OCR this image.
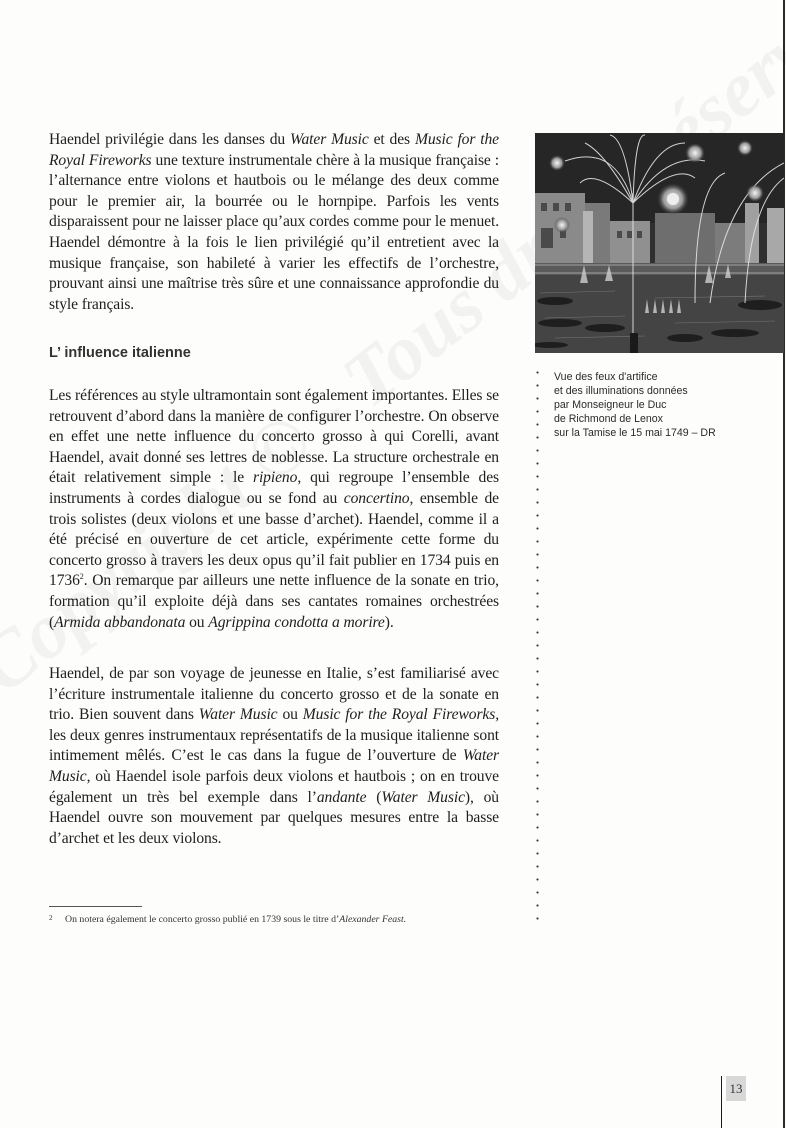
Haendel privilégie dans les danses du Water Music et des Music for the Royal Fireworks une texture instrumentale chère à la musique française : l’alternance entre violons et hautbois ou le mélange des deux comme pour le premier air, la bourrée ou le hornpipe. Parfois les vents disparaissent pour ne laisser place qu’aux cordes comme pour le menuet. Haendel démontre à la fois le lien privilégié qu’il entretient avec la musique française, son habileté à varier les effectifs de l’orchestre, prouvant ainsi une maîtrise très sûre et une connaissance approfondie du style français.

L’ influence italienne

Les références au style ultramontain sont également importantes. Elles se retrouvent d’abord dans la manière de configurer l’orchestre. On observe en effet une nette influence du concerto grosso à qui Corelli, avant Haendel, avait donné ses lettres de noblesse. La structure orchestrale en était relativement simple : le ripieno, qui regroupe l’ensemble des instruments à cordes dialogue ou se fond au concertino, ensemble de trois solistes (deux violons et une basse d’archet). Haendel, comme il a été précisé en ouverture de cet article, expérimente cette forme du concerto grosso à travers les deux opus qu’il fait publier en 1734 puis en 1736$^2$. On remarque par ailleurs une nette influence de la sonate en trio, formation qu’il exploite déjà dans ses cantates romaines orchestrées (Armida abbandonata ou Agrippina condotta a morire).

Haendel, de par son voyage de jeunesse en Italie, s’est familiarisé avec l’écriture instrumentale italienne du concerto grosso et de la sonate en trio. Bien souvent dans Water Music ou Music for the Royal Fireworks, les deux genres instrumentaux représentatifs de la musique italienne sont intimement mêlés. C’est le cas dans la fugue de l’ouverture de Water Music, où Haendel isole parfois deux violons et hautbois ; on en trouve également un très bel exemple dans l’andante (Water Music), où Haendel ouvre son mouvement par quelques mesures entre la basse d’archet et les deux violons.

2 On notera également le concerto grosso publié en 1739 sous le titre d’Alexander Feast.
Vue des feux d'artifice
et des illuminations données
par Monseigneur le Duc
de Richmond de Lenox
sur la Tamise le 15 mai 1749 – DR
13
